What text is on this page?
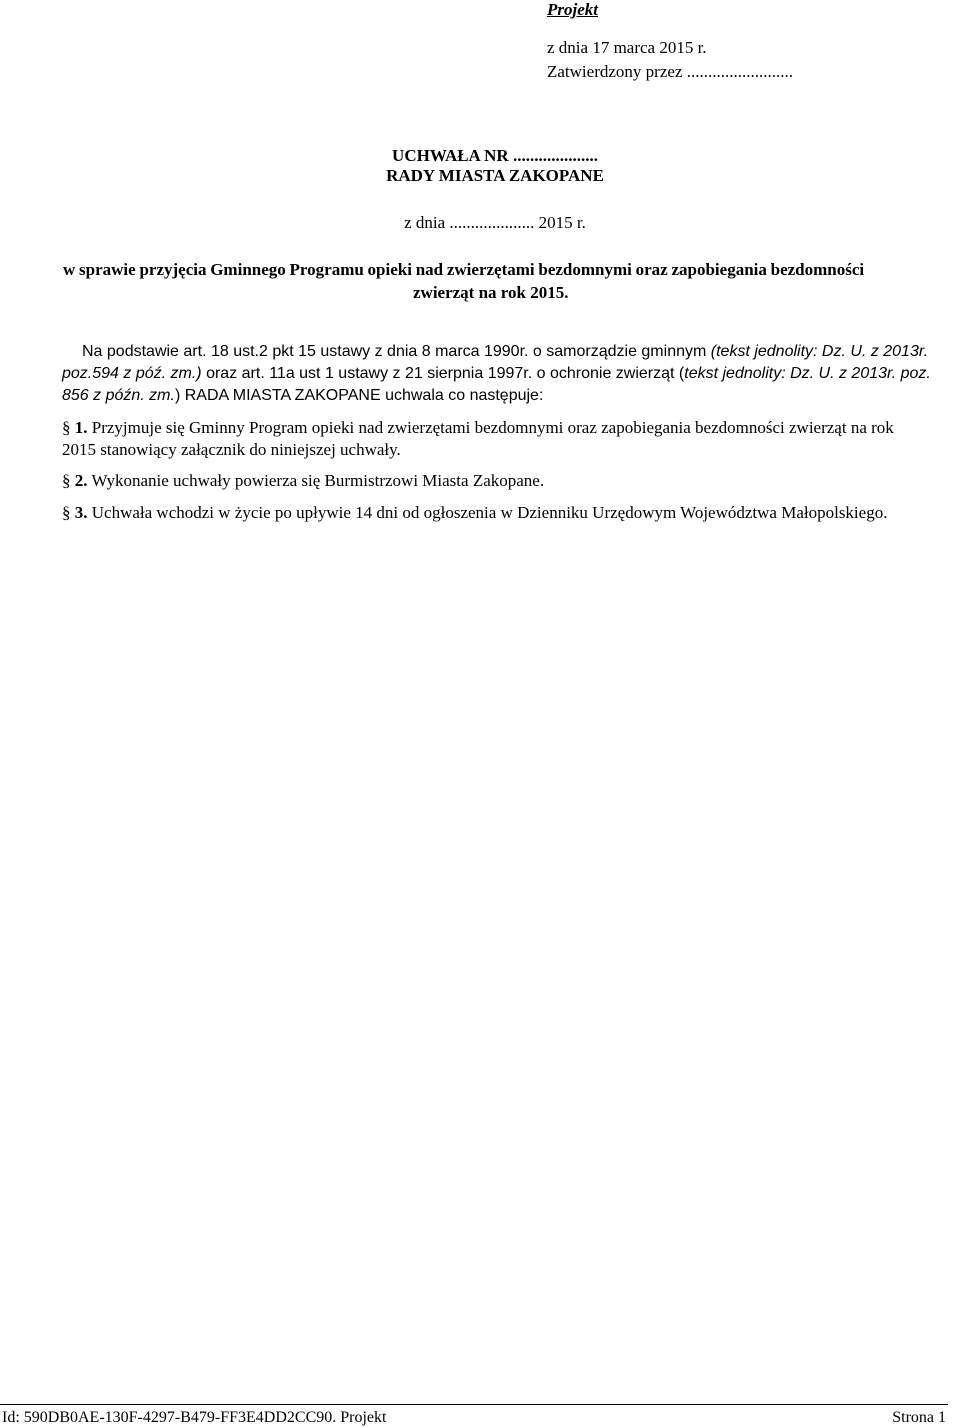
Projekt
z dnia 17 marca 2015 r.
Zatwierdzony przez .........................
UCHWAŁA NR ....................
RADY MIASTA ZAKOPANE
z dnia .................... 2015 r.
w sprawie przyjęcia Gminnego Programu opieki nad zwierzętami bezdomnymi oraz zapobiegania bezdomności
zwierząt na rok 2015.
Na podstawie art. 18 ust.2 pkt 15 ustawy z dnia 8 marca 1990r. o samorządzie gminnym (tekst jednolity: Dz. U. z 2013r.
poz.594 z póź. zm.) oraz art. 11a ust 1 ustawy z 21 sierpnia 1997r. o ochronie zwierząt (tekst jednolity: Dz. U. z 2013r. poz.
856 z późn. zm.) RADA MIASTA ZAKOPANE uchwala co następuje:
§ 1. Przyjmuje się Gminny Program opieki nad zwierzętami bezdomnymi oraz zapobiegania bezdomności zwierząt na rok
2015 stanowiący załącznik do niniejszej uchwały.
§ 2. Wykonanie uchwały powierza się Burmistrzowi Miasta Zakopane.
§ 3. Uchwała wchodzi w życie po upływie 14 dni od ogłoszenia w Dzienniku Urzędowym Województwa Małopolskiego.
Id: 590DB0AE-130F-4297-B479-FF3E4DD2CC90. Projekt	Strona 1
